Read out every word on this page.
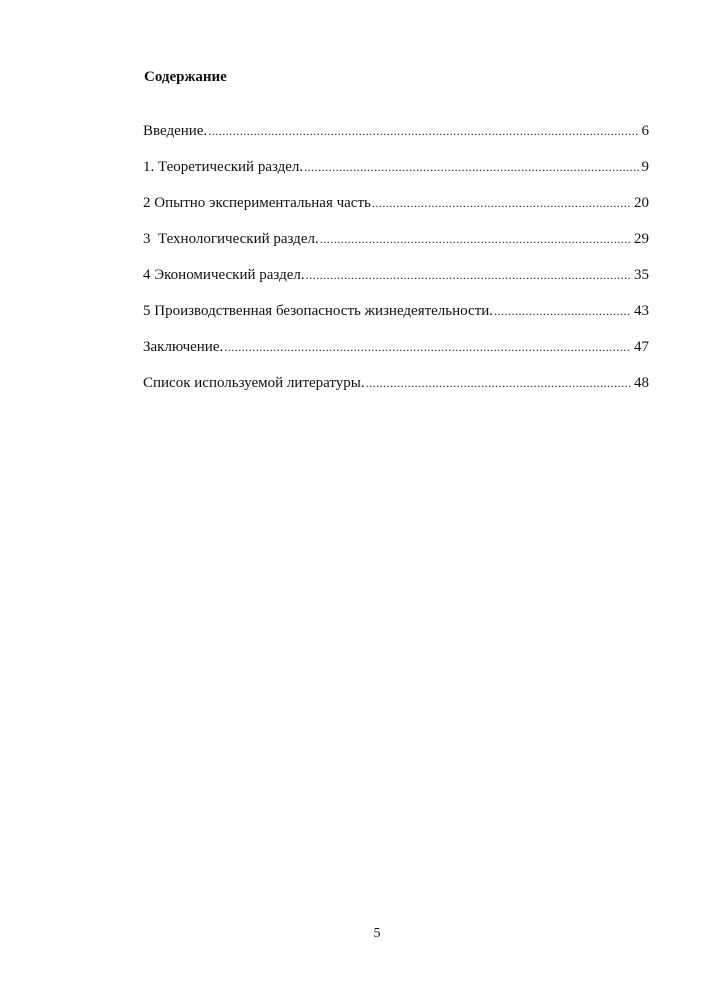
Содержание
Введение. .....	6
1. Теоретический раздел. .....	9
2 Опытно экспериментальная часть .....	20
3  Технологический раздел. .....	29
4 Экономический раздел. .....	35
5 Производственная безопасность жизнедеятельности. .....	43
Заключение. .....	47
Список используемой литературы. .....	48
5
